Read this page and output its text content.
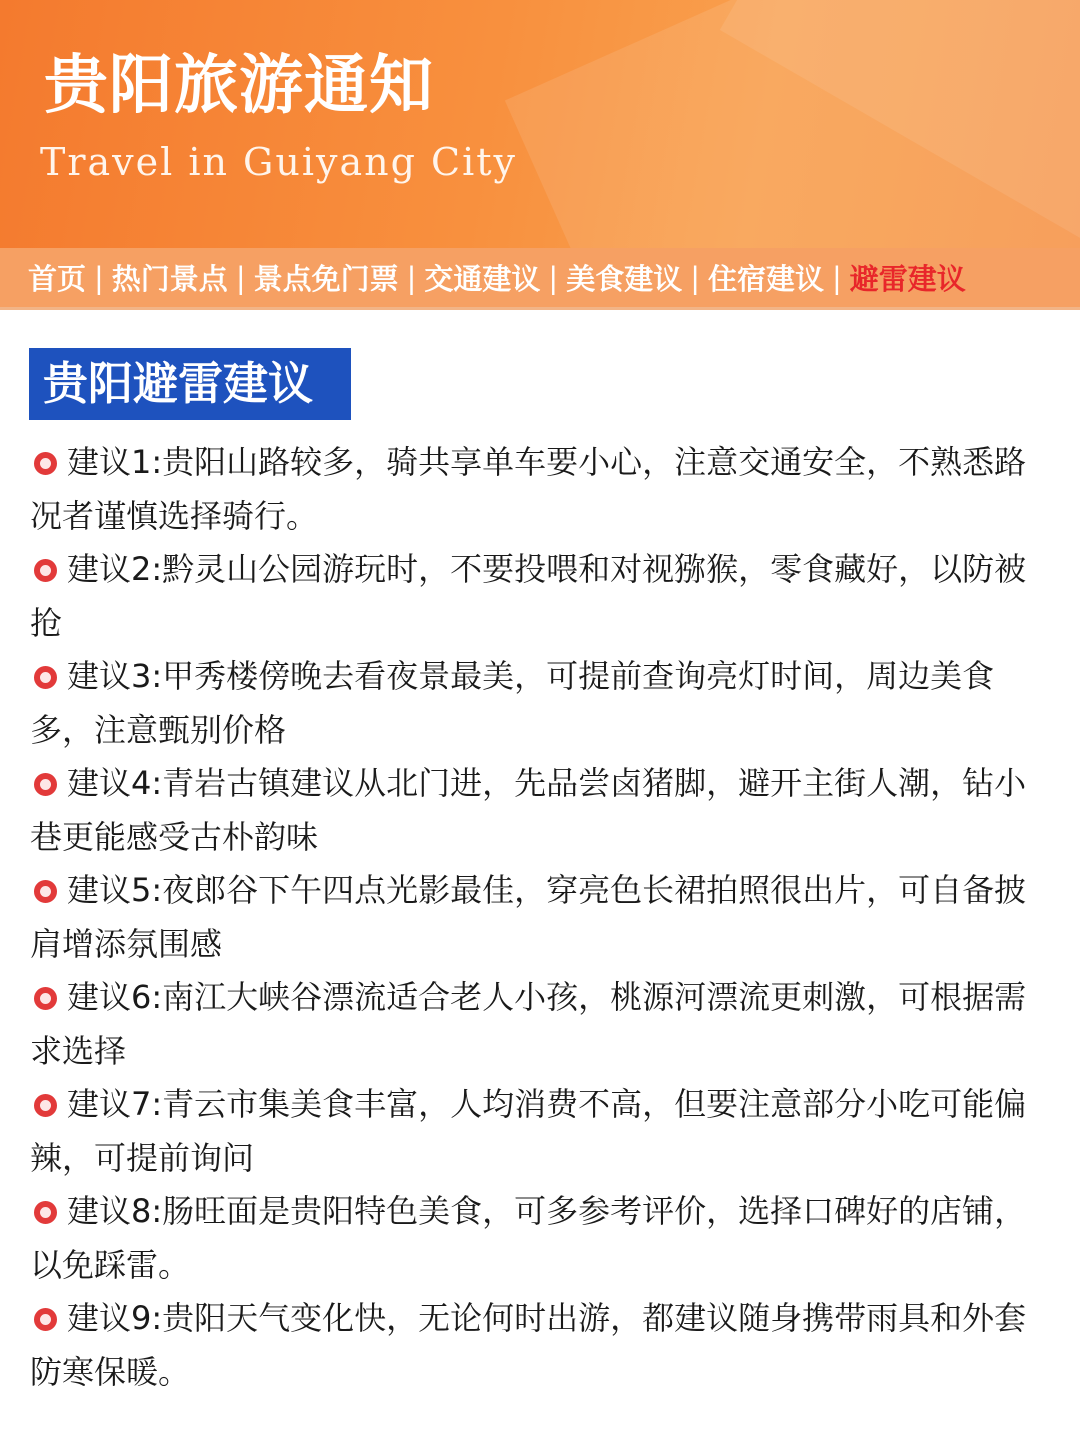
贵阳旅游通知
Travel in Guiyang City
首页 | 热门景点 | 景点免门票 | 交通建议 | 美食建议 | 住宿建议 | 避雷建议
贵阳避雷建议
建议1:贵阳山路较多，骑共享单车要小心，注意交通安全，不熟悉路况者谨慎选择骑行。
建议2:黔灵山公园游玩时，不要投喂和对视猕猴，零食藏好，以防被抢
建议3:甲秀楼傍晚去看夜景最美，可提前查询亮灯时间，周边美食多，注意甄别价格
建议4:青岩古镇建议从北门进，先品尝卤猪脚，避开主街人潮，钻小巷更能感受古朴韵味
建议5:夜郎谷下午四点光影最佳，穿亮色长裙拍照很出片，可自备披肩增添氛围感
建议6:南江大峡谷漂流适合老人小孩，桃源河漂流更刺激，可根据需求选择
建议7:青云市集美食丰富，人均消费不高，但要注意部分小吃可能偏辣，可提前询问
建议8:肠旺面是贵阳特色美食，可多参考评价，选择口碑好的店铺，以免踩雷。
建议9:贵阳天气变化快，无论何时出游，都建议随身携带雨具和外套防寒保暖。
